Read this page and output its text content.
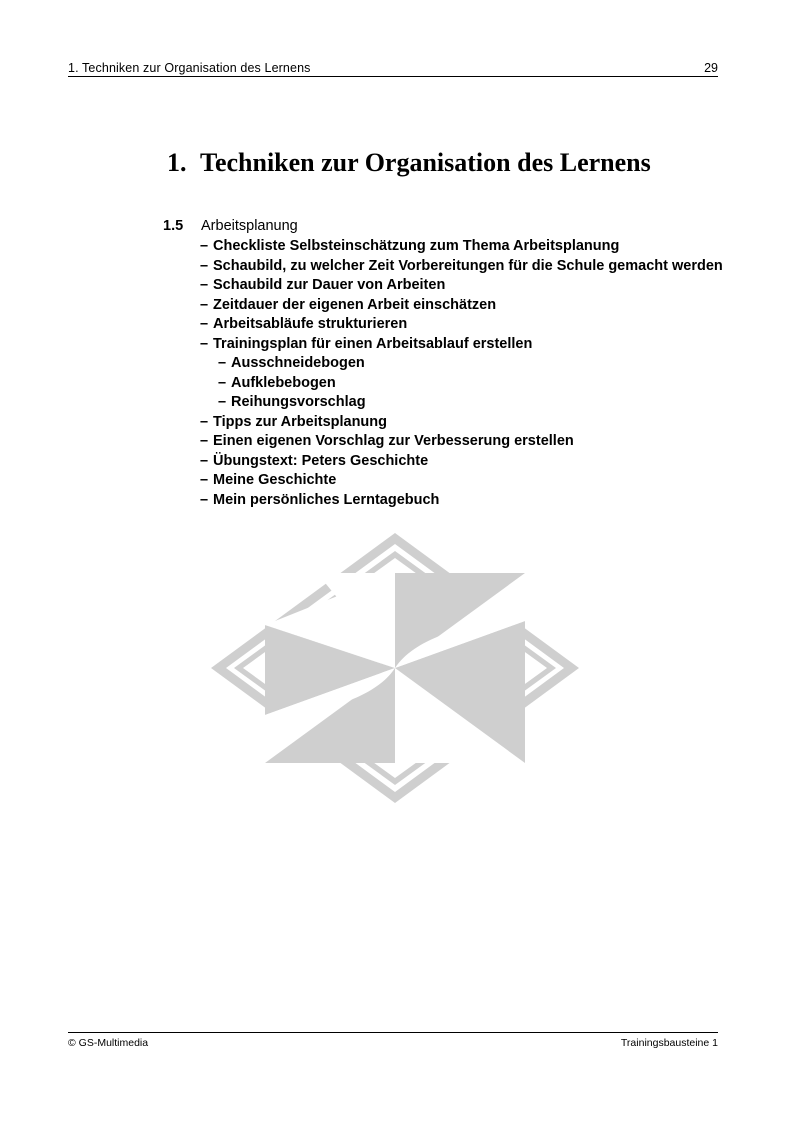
1. Techniken zur Organisation des Lernens	29
1. Techniken zur Organisation des Lernens
1.5	Arbeitsplanung
– Checkliste Selbsteinschätzung zum Thema Arbeitsplanung
– Schaubild, zu welcher Zeit Vorbereitungen für die Schule gemacht werden
– Schaubild zur Dauer von Arbeiten
– Zeitdauer der eigenen Arbeit einschätzen
– Arbeitsabläufe strukturieren
– Trainingsplan für einen Arbeitsablauf erstellen
– Ausschneidebogen
– Aufklebebogen
– Reihungsvorschlag
– Tipps zur Arbeitsplanung
– Einen eigenen Vorschlag zur Verbesserung erstellen
– Übungstext: Peters Geschichte
– Meine Geschichte
– Mein persönliches Lerntagebuch
© GS-Multimedia	Trainingsbausteine 1
